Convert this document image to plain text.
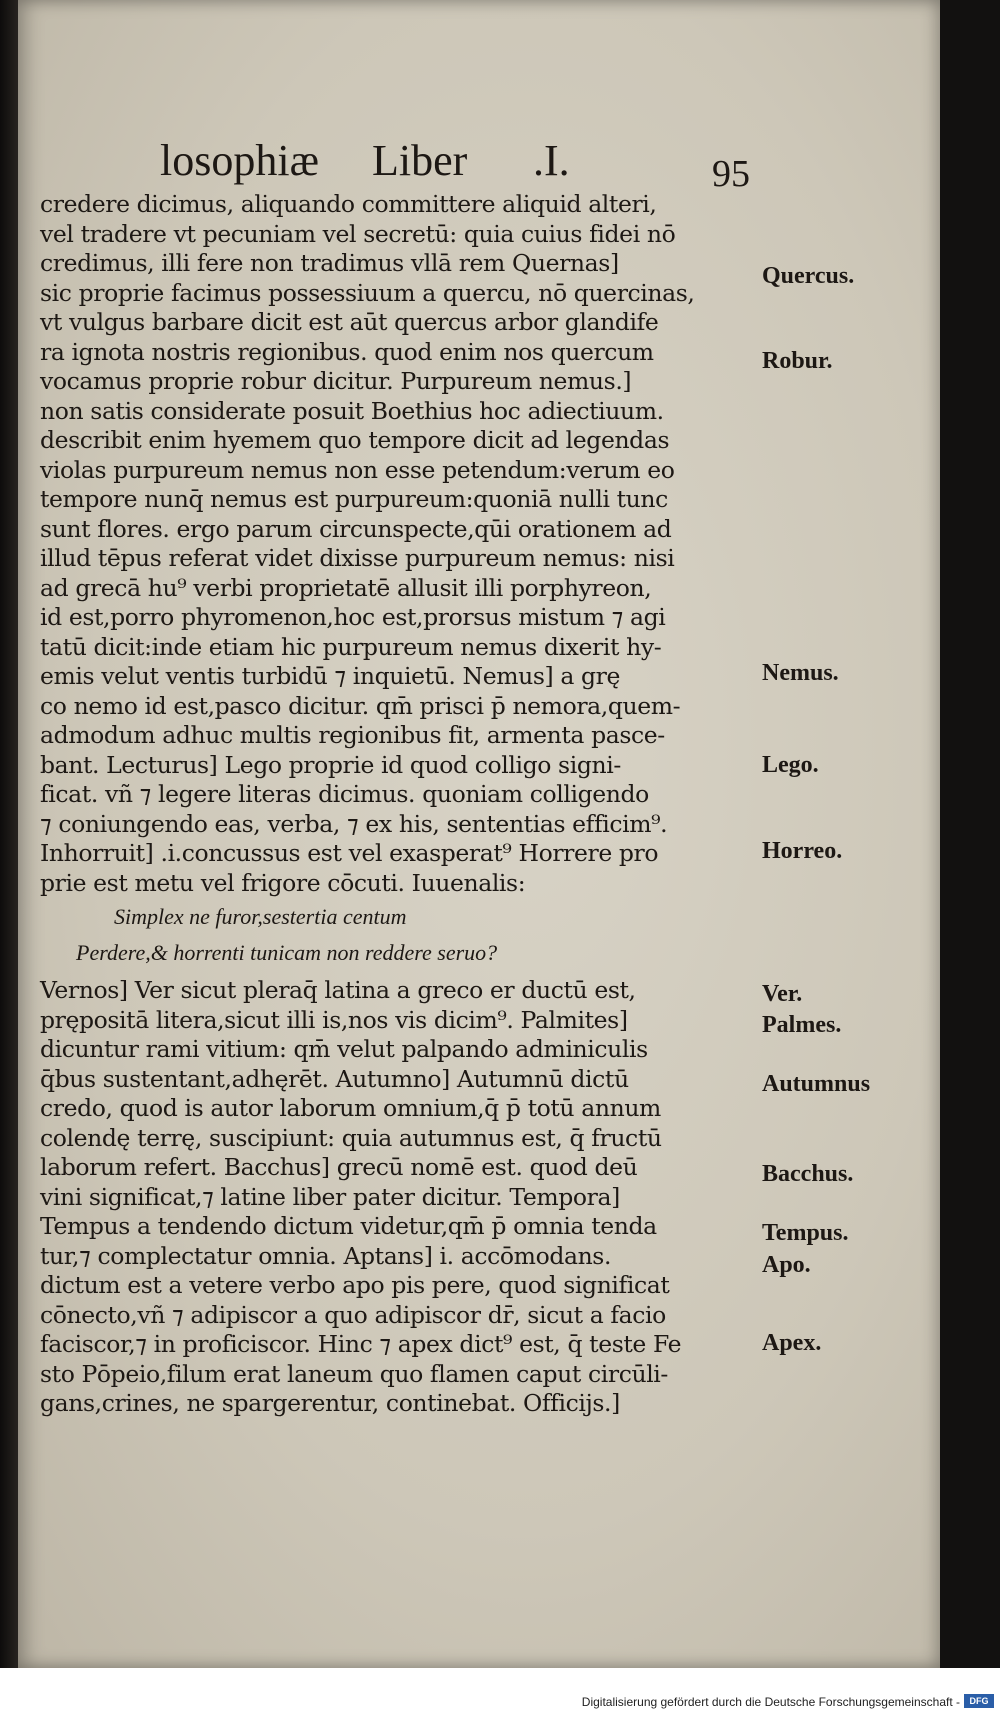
losophiæ Liber .I.	95
credere dicimus, aliquando committere aliquid alteri,
vel tradere vt pecuniam vel secretū: quia cuius fidei nō
credimus, illi fere non tradimus vllā rem Quernas]
sic proprie facimus possessiuum a quercu, nō quercinas,
vt vulgus barbare dicit est aūt quercus arbor glandife
ra ignota nostris regionibus. quod enim nos quercum
vocamus proprie robur dicitur. Purpureum nemus.]
non satis considerate posuit Boethius hoc adiectiuum.
describit enim hyemem quo tempore dicit ad legendas
violas purpureum nemus non esse petendum:verum eo
tempore nunq̄ nemus est purpureum:quoniā nulli tunc
sunt flores. ergo parum circunspecte,qūi orationem ad
illud tēpus referat videt dixisse purpureum nemus: nisi
ad grecā hu⁹ verbi proprietatē allusit illi porphyreon,
id est,porro phyromenon,hoc est,prorsus mistum ⁊ agi
tatū dicit:inde etiam hic purpureum nemus dixerit hy-
emis velut ventis turbidū ⁊ inquietū. Nemus] a grę
co nemo id est,pasco dicitur. qm̄ prisci p̄ nemora,quem-
admodum adhuc multis regionibus fit, armenta pasce-
bant. Lecturus] Lego proprie id quod colligo signi-
ficat. vñ ⁊ legere literas dicimus. quoniam colligendo
⁊ coniungendo eas, verba, ⁊ ex his, sententias efficim⁹.
Inhorruit] .i.concussus est vel exasperat⁹ Horrere pro
prie est metu vel frigore cōcuti. Iuuenalis:
Simplex ne furor,sestertia centum
Perdere,& horrenti tunicam non reddere seruo?
Vernos] Ver sicut pleraq̄ latina a greco er ductū est,
prępositā litera,sicut illi is,nos vis dicim⁹. Palmites]
dicuntur rami vitium: qm̄ velut palpando adminiculis
q̄bus sustentant,adhęrēt. Autumno] Autumnū dictū
credo, quod is autor laborum omnium,q̄ p̄ totū annum
colendę terrę, suscipiunt: quia autumnus est, q̄ fructū
laborum refert. Bacchus] grecū nomē est. quod deū
vini significat,⁊ latine liber pater dicitur. Tempora]
Tempus a tendendo dictum videtur,qm̄ p̄ omnia tenda
tur,⁊ complectatur omnia. Aptans] i. accōmodans.
dictum est a vetere verbo apo pis pere, quod significat
cōnecto,vñ ⁊ adipiscor a quo adipiscor dr̄, sicut a facio
faciscor,⁊ in proficiscor. Hinc ⁊ apex dict⁹ est, q̄ teste Fe
sto Pōpeio,filum erat laneum quo flamen caput circūli-
gans,crines, ne spargerentur, continebat. Officijs.]
Quercus.
Robur.
Nemus.
Lego.
Horreo.
Ver.
Palmes.
Autumnus
Bacchus.
Tempus.
Apo.
Apex.
Digitalisierung gefördert durch die Deutsche Forschungsgemeinschaft -	DFG
